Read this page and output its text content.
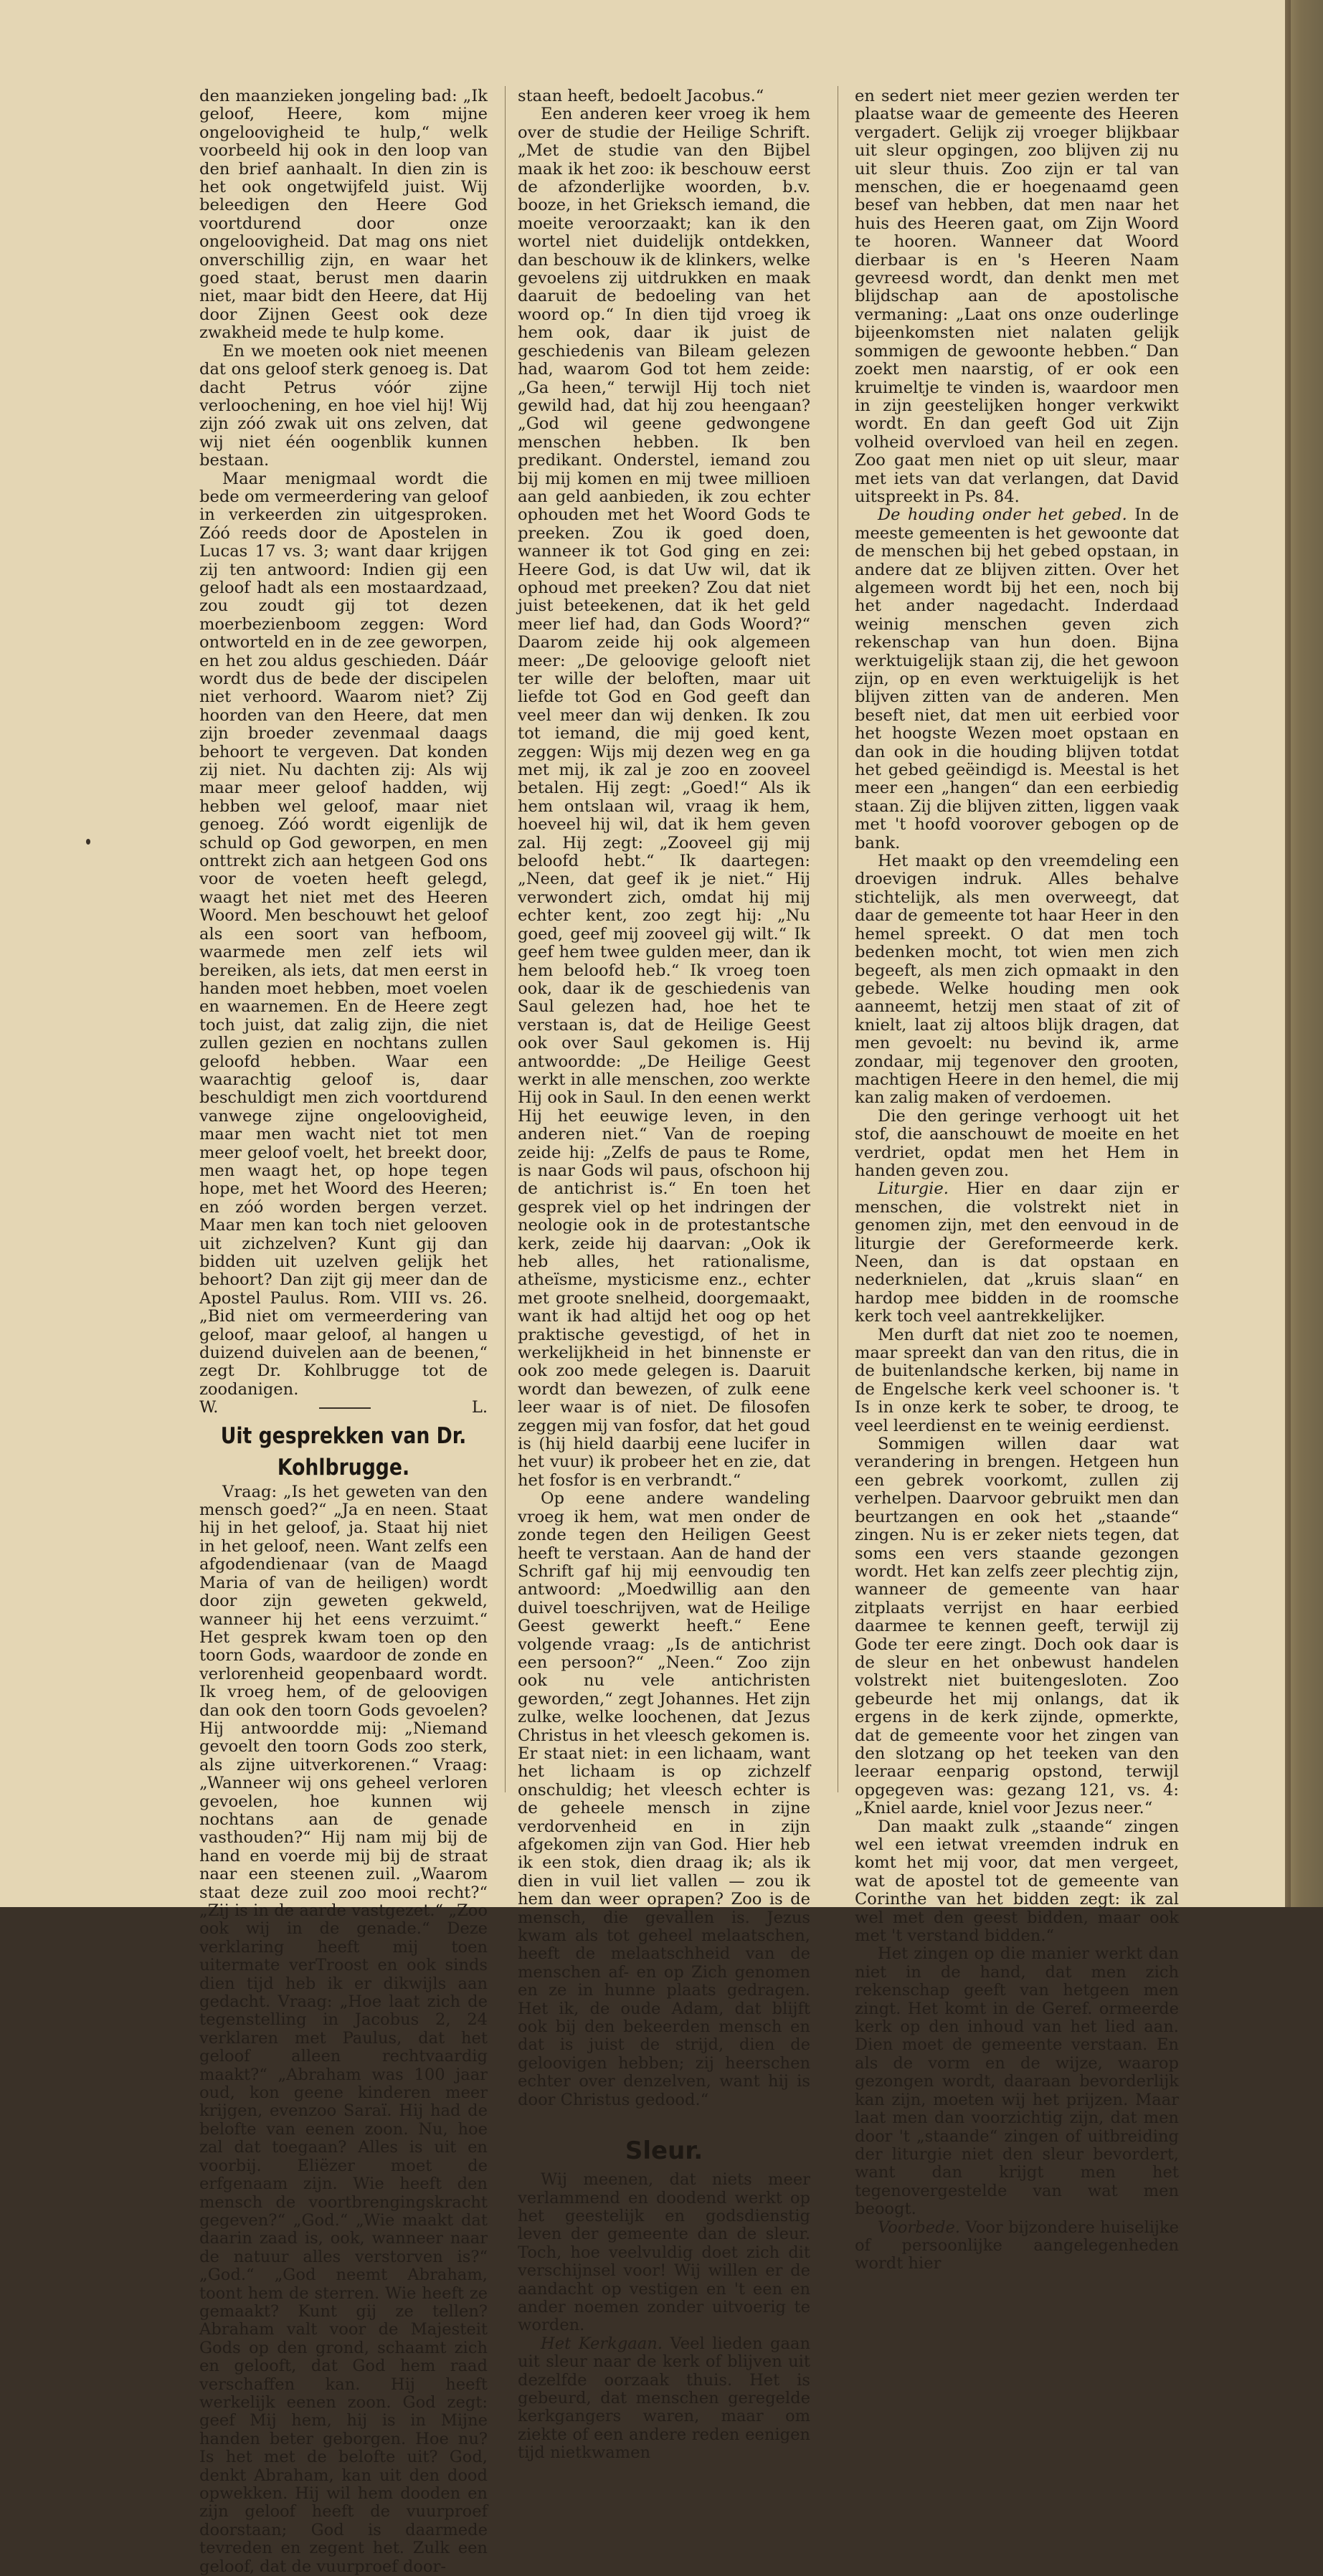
den maanzieken jongeling bad: „Ik geloof, Heere, kom mijne ongeloovigheid te hulp,“ welk voorbeeld hij ook in den loop van den brief aanhaalt. In dien zin is het ook ongetwijfeld juist. Wij beleedigen den Heere God voortdurend door onze ongeloovigheid. Dat mag ons niet onverschillig zijn, en waar het goed staat, berust men daarin niet, maar bidt den Heere, dat Hij door Zijnen Geest ook deze zwakheid mede te hulp kome.

En we moeten ook niet meenen dat ons geloof sterk genoeg is. Dat dacht Petrus vóór zijne verloochening, en hoe viel hij! Wij zijn zóó zwak uit ons zelven, dat wij niet één oogenblik kunnen bestaan.

Maar menigmaal wordt die bede om vermeerdering van geloof in verkeerden zin uitgesproken. Zóó reeds door de Apostelen in Lucas 17 vs. 3; want daar krijgen zij ten antwoord: Indien gij een geloof hadt als een mostaardzaad, zou zoudt gij tot dezen moerbezienboom zeggen: Word ontworteld en in de zee geworpen, en het zou aldus geschieden. Dáár wordt dus de bede der discipelen niet verhoord. Waarom niet? Zij hoorden van den Heere, dat men zijn broeder zevenmaal daags behoort te vergeven. Dat konden zij niet. Nu dachten zij: Als wij maar meer geloof hadden, wij hebben wel geloof, maar niet genoeg. Zóó wordt eigenlijk de schuld op God geworpen, en men onttrekt zich aan hetgeen God ons voor de voeten heeft gelegd, waagt het niet met des Heeren Woord. Men beschouwt het geloof als een soort van hefboom, waarmede men zelf iets wil bereiken, als iets, dat men eerst in handen moet hebben, moet voelen en waarnemen. En de Heere zegt toch juist, dat zalig zijn, die niet zullen gezien en nochtans zullen geloofd hebben. Waar een waarachtig geloof is, daar beschuldigt men zich voortdurend vanwege zijne ongeloovigheid, maar men wacht niet tot men meer geloof voelt, het breekt door, men waagt het, op hope tegen hope, met het Woord des Heeren; en zóó worden bergen verzet. Maar men kan toch niet gelooven uit zichzelven? Kunt gij dan bidden uit uzelven gelijk het behoort? Dan zijt gij meer dan de Apostel Paulus. Rom. VIII vs. 26. „Bid niet om vermeerdering van geloof, maar geloof, al hangen u duizend duivelen aan de beenen,“ zegt Dr. Kohlbrugge tot de zoodanigen.

W.	L.
Uit gesprekken van Dr. Kohlbrugge.

Vraag: „Is het geweten van den mensch goed?“ „Ja en neen. Staat hij in het geloof, ja. Staat hij niet in het geloof, neen. Want zelfs een afgodendienaar (van de Maagd Maria of van de heiligen) wordt door zijn geweten gekweld, wanneer hij het eens verzuimt.“ Het gesprek kwam toen op den toorn Gods, waardoor de zonde en verlorenheid geopenbaard wordt. Ik vroeg hem, of de geloovigen dan ook den toorn Gods gevoelen? Hij antwoordde mij: „Niemand gevoelt den toorn Gods zoo sterk, als zijne uitverkorenen.“ Vraag: „Wanneer wij ons geheel verloren gevoelen, hoe kunnen wij nochtans aan de genade vasthouden?“ Hij nam mij bij de hand en voerde mij bij de straat naar een steenen zuil. „Waarom staat deze zuil zoo mooi recht?“ „Zij is in de aarde vastgezet.“ „Zoo ook wij in de genade.“ Deze verklaring heeft mij toen uitermate verTroost en ook sinds dien tijd heb ik er dikwijls aan gedacht. Vraag: „Hoe laat zich de tegenstelling in Jacobus 2, 24 verklaren met Paulus, dat het geloof alleen rechtvaardig maakt?“ „Abraham was 100 jaar oud, kon geene kinderen meer krijgen, evenzoo Saraï. Hij had de belofte van eenen zoon. Nu, hoe zal dat toegaan? Alles is uit en voorbij. Eliëzer moet de erfgenaam zijn. Wie heeft den mensch de voortbrengingskracht gegeven?“ „God.“ „Wie maakt dat daarin zaad is, ook, wanneer naar de natuur alles verstorven is?“ „God.“ „God neemt Abraham, toont hem de sterren. Wie heeft ze gemaakt? Kunt gij ze tellen? Abraham valt voor de Majesteit Gods op den grond, schaamt zich en gelooft, dat God hem raad verschaffen kan. Hij heeft werkelijk eenen zoon. God zegt: geef Mij hem, hij is in Mijne handen beter geborgen. Hoe nu? Is het met de belofte uit? God, denkt Abraham, kan uit den dood opwekken. Hij wil hem dooden en zijn geloof heeft de vuurproef doorstaan; God is daarmede tevreden en zegent het. Zulk een geloof, dat de vuurproef door-

staan heeft, bedoelt Jacobus.“

Een anderen keer vroeg ik hem over de studie der Heilige Schrift. „Met de studie van den Bijbel maak ik het zoo: ik beschouw eerst de afzonderlijke woorden, b.v. booze, in het Grieksch iemand, die moeite veroorzaakt; kan ik den wortel niet duidelijk ontdekken, dan beschouw ik de klinkers, welke gevoelens zij uitdrukken en maak daaruit de bedoeling van het woord op.“ In dien tijd vroeg ik hem ook, daar ik juist de geschiedenis van Bileam gelezen had, waarom God tot hem zeide: „Ga heen,“ terwijl Hij toch niet gewild had, dat hij zou heengaan? „God wil geene gedwongene menschen hebben. Ik ben predikant. Onderstel, iemand zou bij mij komen en mij twee millioen aan geld aanbieden, ik zou echter ophouden met het Woord Gods te preeken. Zou ik goed doen, wanneer ik tot God ging en zei: Heere God, is dat Uw wil, dat ik ophoud met preeken? Zou dat niet juist beteekenen, dat ik het geld meer lief had, dan Gods Woord?“ Daarom zeide hij ook algemeen meer: „De geloovige gelooft niet ter wille der beloften, maar uit liefde tot God en God geeft dan veel meer dan wij denken. Ik zou tot iemand, die mij goed kent, zeggen: Wijs mij dezen weg en ga met mij, ik zal je zoo en zooveel betalen. Hij zegt: „Goed!“ Als ik hem ontslaan wil, vraag ik hem, hoeveel hij wil, dat ik hem geven zal. Hij zegt: „Zooveel gij mij beloofd hebt.“ Ik daartegen: „Neen, dat geef ik je niet.“ Hij verwondert zich, omdat hij mij echter kent, zoo zegt hij: „Nu goed, geef mij zooveel gij wilt.“ Ik geef hem twee gulden meer, dan ik hem beloofd heb.“ Ik vroeg toen ook, daar ik de geschiedenis van Saul gelezen had, hoe het te verstaan is, dat de Heilige Geest ook over Saul gekomen is. Hij antwoordde: „De Heilige Geest werkt in alle menschen, zoo werkte Hij ook in Saul. In den eenen werkt Hij het eeuwige leven, in den anderen niet.“ Van de roeping zeide hij: „Zelfs de paus te Rome, is naar Gods wil paus, ofschoon hij de antichrist is.“ En toen het gesprek viel op het indringen der neologie ook in de protestantsche kerk, zeide hij daarvan: „Ook ik heb alles, het rationalisme, atheïsme, mysticisme enz., echter met groote snelheid, doorgemaakt, want ik had altijd het oog op het praktische gevestigd, of het in werkelijkheid in het binnenste er ook zoo mede gelegen is. Daaruit wordt dan bewezen, of zulk eene leer waar is of niet. De filosofen zeggen mij van fosfor, dat het goud is (hij hield daarbij eene lucifer in het vuur) ik probeer het en zie, dat het fosfor is en verbrandt.“

Op eene andere wandeling vroeg ik hem, wat men onder de zonde tegen den Heiligen Geest heeft te verstaan. Aan de hand der Schrift gaf hij mij eenvoudig ten antwoord: „Moedwillig aan den duivel toeschrijven, wat de Heilige Geest gewerkt heeft.“ Eene volgende vraag: „Is de antichrist een persoon?“ „Neen.“ Zoo zijn ook nu vele antichristen geworden,“ zegt Johannes. Het zijn zulke, welke loochenen, dat Jezus Christus in het vleesch gekomen is. Er staat niet: in een lichaam, want het lichaam is op zichzelf onschuldig; het vleesch echter is de geheele mensch in zijne verdorvenheid en in zijn afgekomen zijn van God. Hier heb ik een stok, dien draag ik; als ik dien in vuil liet vallen — zou ik hem dan weer oprapen? Zoo is de mensch, die gevallen is. Jezus kwam als tot geheel melaatschen, heeft de melaatschheid van de menschen af- en op Zich genomen en ze in hunne plaats gedragen. Het ik, de oude Adam, dat blijft ook bij den bekeerden mensch en dat is juist de strijd, dien de geloovigen hebben; zij heerschen echter over denzelven, want hij is door Christus gedood.“

Sleur.

Wij meenen, dat niets meer verlammend en doodend werkt op het geestelijk en godsdienstig leven der gemeente dan de sleur. Toch, hoe veelvuldig doet zich dit verschijnsel voor! Wij willen er de aandacht op vestigen en 't een en ander noemen zonder uitvoerig te worden.

Het Kerkgaan. Veel lieden gaan uit sleur naar de kerk of blijven uit dezelfde oorzaak thuis. Het is gebeurd, dat menschen geregelde kerkgangers waren, maar om ziekte of een andere reden eenigen tijd nietkwamen

en sedert niet meer gezien werden ter plaatse waar de gemeente des Heeren vergadert. Gelijk zij vroeger blijkbaar uit sleur opgingen, zoo blijven zij nu uit sleur thuis. Zoo zijn er tal van menschen, die er hoegenaamd geen besef van hebben, dat men naar het huis des Heeren gaat, om Zijn Woord te hooren. Wanneer dat Woord dierbaar is en 's Heeren Naam gevreesd wordt, dan denkt men met blijdschap aan de apostolische vermaning: „Laat ons onze ouderlinge bijeenkomsten niet nalaten gelijk sommigen de gewoonte hebben.“ Dan zoekt men naarstig, of er ook een kruimeltje te vinden is, waardoor men in zijn geestelijken honger verkwikt wordt. En dan geeft God uit Zijn volheid overvloed van heil en zegen. Zoo gaat men niet op uit sleur, maar met iets van dat verlangen, dat David uitspreekt in Ps. 84.

De houding onder het gebed. In de meeste gemeenten is het gewoonte dat de menschen bij het gebed opstaan, in andere dat ze blijven zitten. Over het algemeen wordt bij het een, noch bij het ander nagedacht. Inderdaad weinig menschen geven zich rekenschap van hun doen. Bijna werktuigelijk staan zij, die het gewoon zijn, op en even werktuigelijk is het blijven zitten van de anderen. Men beseft niet, dat men uit eerbied voor het hoogste Wezen moet opstaan en dan ook in die houding blijven totdat het gebed geëindigd is. Meestal is het meer een „hangen“ dan een eerbiedig staan. Zij die blijven zitten, liggen vaak met 't hoofd voorover gebogen op de bank.

Het maakt op den vreemdeling een droevigen indruk. Alles behalve stichtelijk, als men overweegt, dat daar de gemeente tot haar Heer in den hemel spreekt. O dat men toch bedenken mocht, tot wien men zich begeeft, als men zich opmaakt in den gebede. Welke houding men ook aanneemt, hetzij men staat of zit of knielt, laat zij altoos blijk dragen, dat men gevoelt: nu bevind ik, arme zondaar, mij tegenover den grooten, machtigen Heere in den hemel, die mij kan zalig maken of verdoemen.

Die den geringe verhoogt uit het stof, die aanschouwt de moeite en het verdriet, opdat men het Hem in handen geven zou.

Liturgie. Hier en daar zijn er menschen, die volstrekt niet in genomen zijn, met den eenvoud in de liturgie der Gereformeerde kerk. Neen, dan is dat opstaan en nederknielen, dat „kruis slaan“ en hardop mee bidden in de roomsche kerk toch veel aantrekkelijker.

Men durft dat niet zoo te noemen, maar spreekt dan van den ritus, die in de buitenlandsche kerken, bij name in de Engelsche kerk veel schooner is. 't Is in onze kerk te sober, te droog, te veel leerdienst en te weinig eerdienst.

Sommigen willen daar wat verandering in brengen. Hetgeen hun een gebrek voorkomt, zullen zij verhelpen. Daarvoor gebruikt men dan beurtzangen en ook het „staande“ zingen. Nu is er zeker niets tegen, dat soms een vers staande gezongen wordt. Het kan zelfs zeer plechtig zijn, wanneer de gemeente van haar zitplaats verrijst en haar eerbied daarmee te kennen geeft, terwijl zij Gode ter eere zingt. Doch ook daar is de sleur en het onbewust handelen volstrekt niet buitengesloten. Zoo gebeurde het mij onlangs, dat ik ergens in de kerk zijnde, opmerkte, dat de gemeente voor het zingen van den slotzang op het teeken van den leeraar eenparig opstond, terwijl opgegeven was: gezang 121, vs. 4: „Kniel aarde, kniel voor Jezus neer.“

Dan maakt zulk „staande“ zingen wel een ietwat vreemden indruk en komt het mij voor, dat men vergeet, wat de apostel tot de gemeente van Corinthe van het bidden zegt: ik zal wel met den geest bidden, maar ook met 't verstand bidden.“

Het zingen op die manier werkt dan niet in de hand, dat men zich rekenschap geeft van hetgeen men zingt. Het komt in de Geref. ormeerde kerk op den inhoud van het lied aan. Dien moet de gemeente verstaan. En als de vorm en de wijze, waarop gezongen wordt, daaraan bevorderlijk kan zijn, moeten wij het prijzen. Maar laat men dan voorzichtig zijn, dat men door 't „staande“ zingen of uitbreiding der liturgie niet den sleur bevordert, want dan krijgt men het tegenovergestelde van wat men beoogt.

Voorbede. Voor bijzondere huiselijke of persoonlijke aangelegenheden wordt hier
